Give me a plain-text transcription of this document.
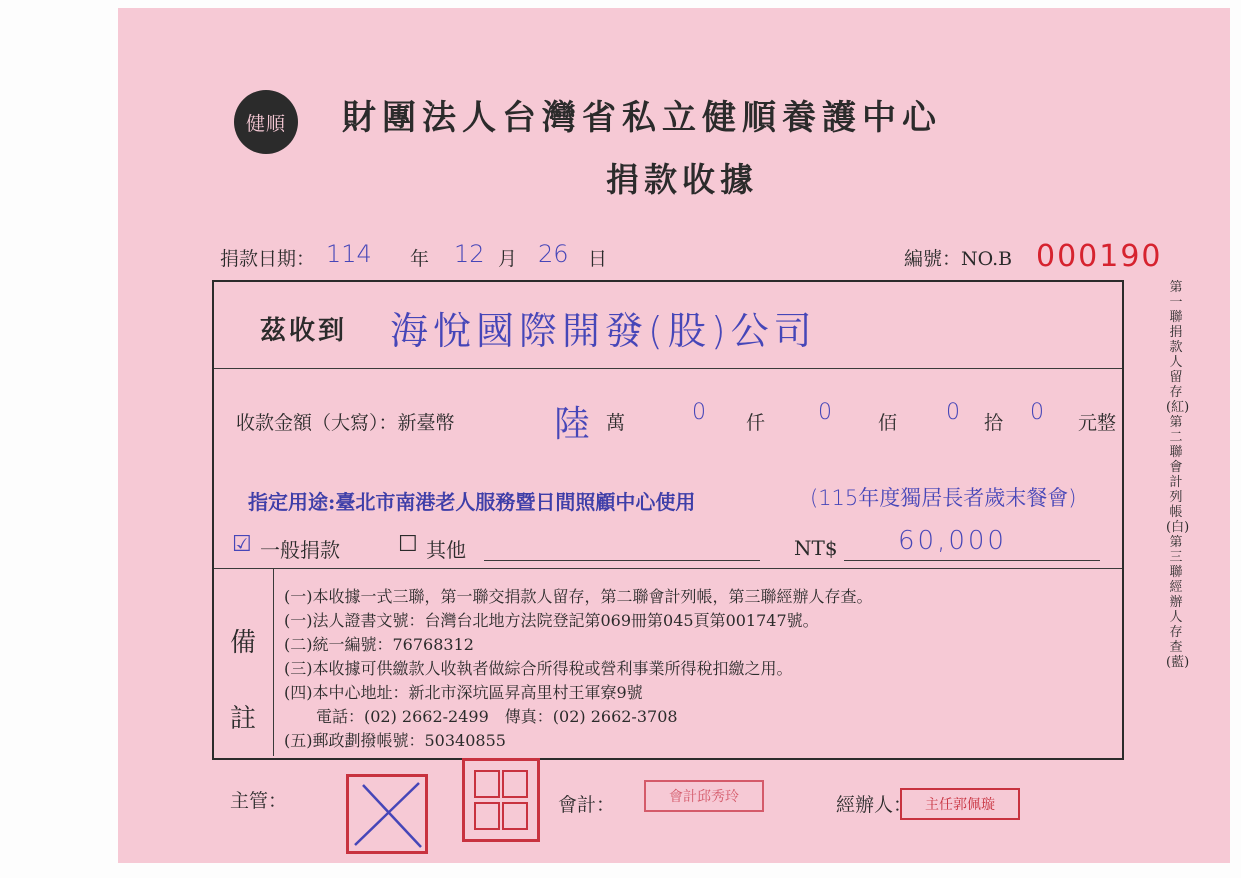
健順 財團法人台灣省私立健順養護中心
捐款收據
捐款日期： 114 年 12 月 26 日	編號：NO.B 000190
茲收到 海悅國際開發(股)公司
收款金額（大寫）：新臺幣	陸 萬	0 仟 0 佰 0 拾 0 元整
指定用途:臺北市南港老人服務暨日間照顧中心使用	(115年度獨居長者歲末餐會)
☑ 一般捐款	☐ 其他	NT$ 60,000
備
註
(一)本收據一式三聯，第一聯交捐款人留存，第二聯會計列帳，第三聯經辦人存查。
(一)法人證書文號：台灣台北地方法院登記第069冊第045頁第001747號。
(二)統一編號：76768312
(三)本收據可供繳款人收執者做綜合所得稅或營利事業所得稅扣繳之用。
(四)本中心地址：新北市深坑區昇高里村王軍寮9號
　　電話：(02) 2662-2499　傳真：(02) 2662-3708
(五)郵政劃撥帳號：50340855
第一聯捐款人留存(紅)　第二聯會計列帳(白)　第三聯經辦人存查(藍)
主管：	會計：	會計邱秀玲	經辦人： 主任郭佩璇
